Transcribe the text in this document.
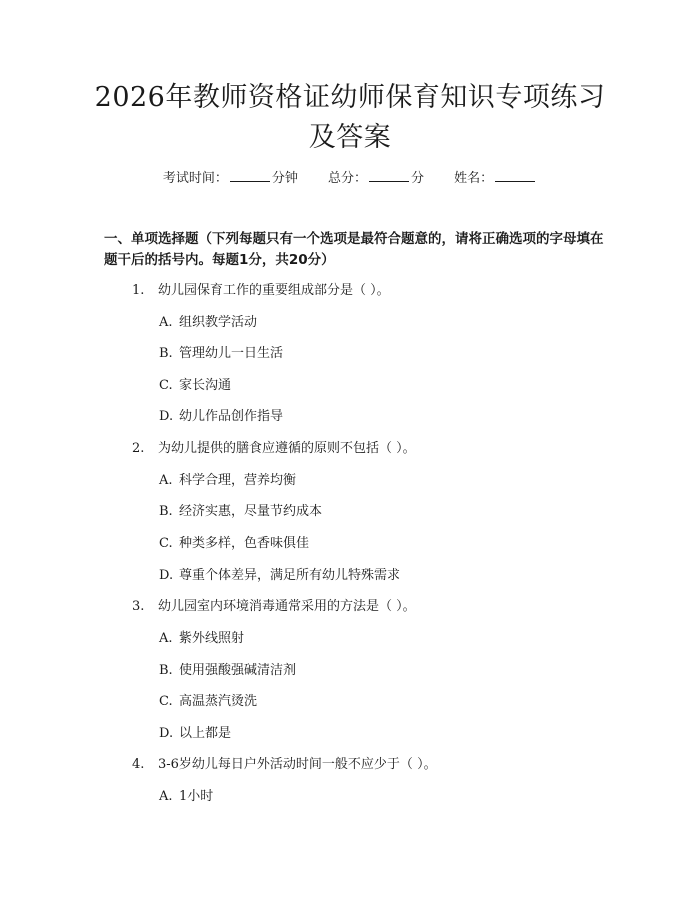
2026年教师资格证幼师保育知识专项练习及答案
考试时间：	分钟 总分：	分 姓名：

一、单项选择题（下列每题只有一个选项是最符合题意的，请将正确选项的字母填在题干后的括号内。每题1分，共20分）

1. 幼儿园保育工作的重要组成部分是（ ）。
A. 组织教学活动
B. 管理幼儿一日生活
C. 家长沟通
D. 幼儿作品创作指导
2. 为幼儿提供的膳食应遵循的原则不包括（ ）。
A. 科学合理，营养均衡
B. 经济实惠，尽量节约成本
C. 种类多样，色香味俱佳
D. 尊重个体差异，满足所有幼儿特殊需求
3. 幼儿园室内环境消毒通常采用的方法是（ ）。
A. 紫外线照射
B. 使用强酸强碱清洁剂
C. 高温蒸汽烫洗
D. 以上都是
4. 3-6岁幼儿每日户外活动时间一般不应少于（ ）。
A. 1小时
